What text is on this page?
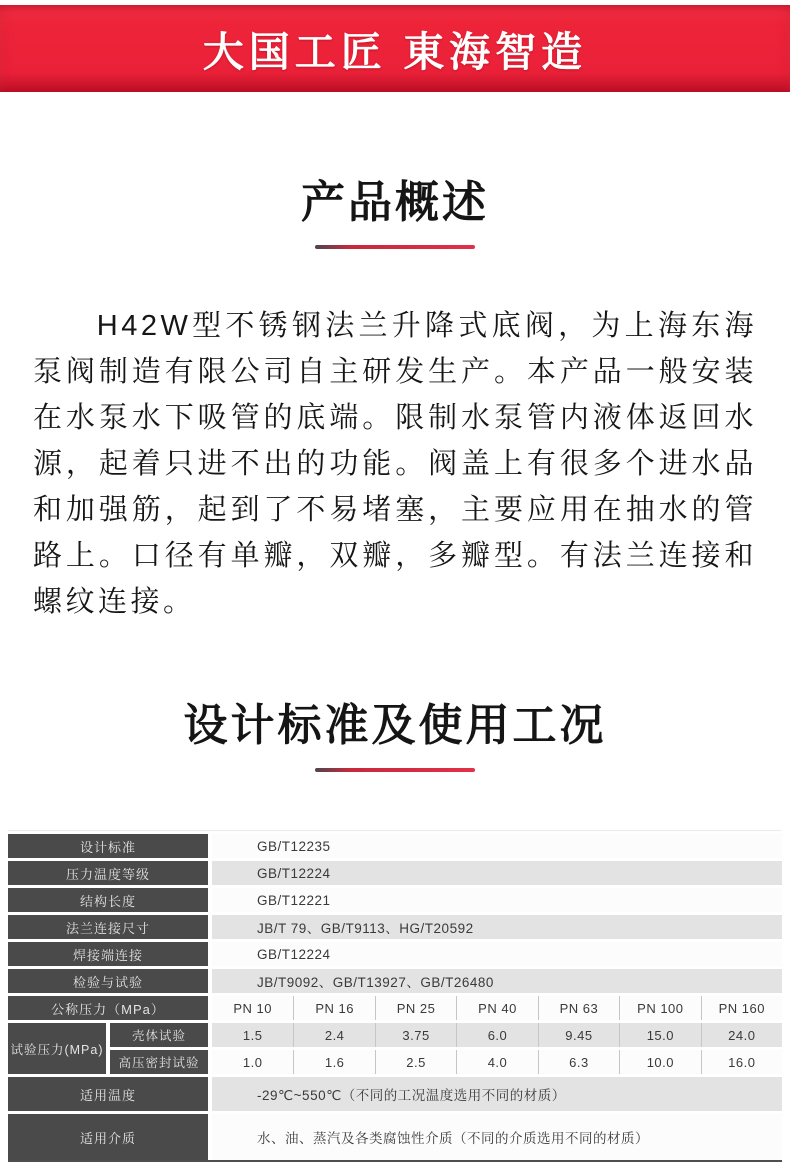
大国工匠 東海智造
产品概述

H42W型不锈钢法兰升降式底阀，为上海东海泵阀制造有限公司自主研发生产。本产品一般安装在水泵水下吸管的底端。限制水泵管内液体返回水源，起着只进不出的功能。阀盖上有很多个进水品和加强筋，起到了不易堵塞，主要应用在抽水的管路上。口径有单瓣，双瓣，多瓣型。有法兰连接和螺纹连接。

设计标准及使用工况
设计标准	GB/T12235
压力温度等级	GB/T12224
结构长度	GB/T12221
法兰连接尺寸	JB/T 79、GB/T9113、HG/T20592
焊接端连接	GB/T12224
检验与试验	JB/T9092、GB/T13927、GB/T26480
公称压力（MPa）	PN 10	PN 16	PN 25	PN 40	PN 63	PN 100	PN 160
试验压力(MPa)
壳体试验	1.5	2.4	3.75	6.0	9.45	15.0	24.0
高压密封试验	1.0	1.6	2.5	4.0	6.3	10.0	16.0
适用温度	-29℃~550℃（不同的工况温度选用不同的材质）
适用介质	水、油、蒸汽及各类腐蚀性介质（不同的介质选用不同的材质）
